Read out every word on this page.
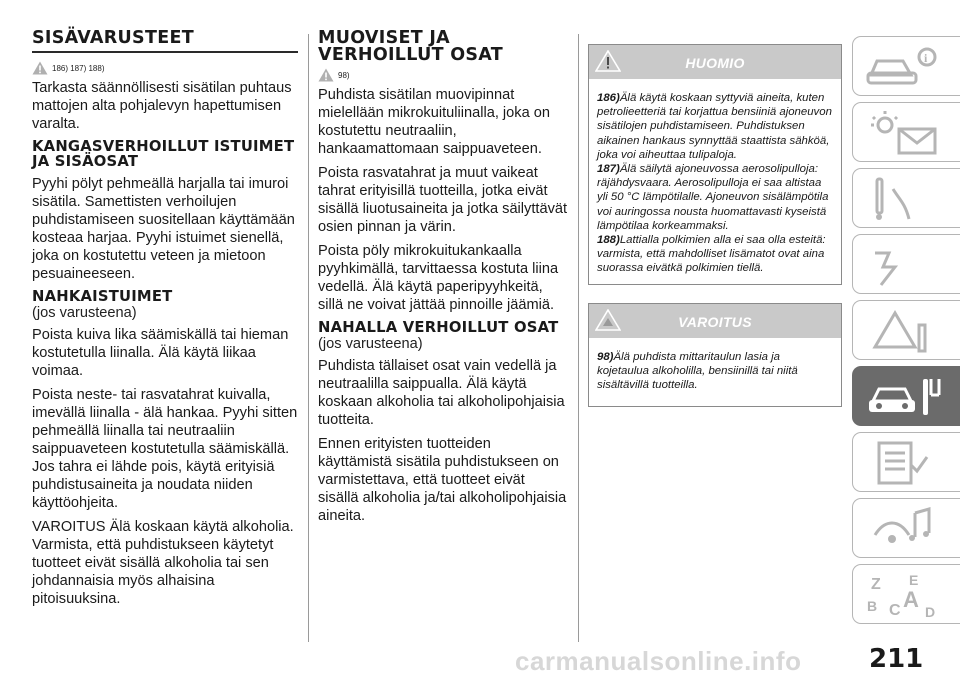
SISÄVARUSTEET
186) 187) 188)

Tarkasta säännöllisesti sisätilan puhtaus mattojen alta pohjalevyn hapettumisen varalta.

KANGASVERHOILLUT ISTUIMET JA SISÄOSAT

Pyyhi pölyt pehmeällä harjalla tai imuroi sisätila. Samettisten verhoilujen puhdistamiseen suositellaan käyttämään kosteaa harjaa. Pyyhi istuimet sienellä, joka on kostutettu veteen ja mietoon pesuaineeseen.

NAHKAISTUIMET

(jos varusteena)

Poista kuiva lika säämiskällä tai hieman kostutetulla liinalla. Älä käytä liikaa voimaa.

Poista neste- tai rasvatahrat kuivalla, imevällä liinalla - älä hankaa. Pyyhi sitten pehmeällä liinalla tai neutraaliin saippuaveteen kostutetulla säämiskällä. Jos tahra ei lähde pois, käytä erityisiä puhdistusaineita ja noudata niiden käyttöohjeita.

VAROITUS Älä koskaan käytä alkoholia. Varmista, että puhdistukseen käytetyt tuotteet eivät sisällä alkoholia tai sen johdannaisia myös alhaisina pitoisuuksina.

MUOVISET JA VERHOILLUT OSAT
98)

Puhdista sisätilan muovipinnat mielellään mikrokuituliinalla, joka on kostutettu neutraaliin, hankaamattomaan saippuaveteen.

Poista rasvatahrat ja muut vaikeat tahrat erityisillä tuotteilla, jotka eivät sisällä liuotusaineita ja jotka säilyttävät osien pinnan ja värin.

Poista pöly mikrokuitukankaalla pyyhkimällä, tarvittaessa kostuta liina vedellä. Älä käytä paperipyyhkeitä, sillä ne voivat jättää pinnoille jäämiä.

NAHALLA VERHOILLUT OSAT

(jos varusteena)

Puhdista tällaiset osat vain vedellä ja neutraalilla saippualla. Älä käytä koskaan alkoholia tai alkoholipohjaisia tuotteita.

Ennen erityisten tuotteiden käyttämistä sisätila puhdistukseen on varmistettava, että tuotteet eivät sisällä alkoholia ja/tai alkoholipohjaisia aineita.

HUOMIO
186)Älä käytä koskaan syttyviä aineita, kuten petrolieetteriä tai korjattua bensiiniä ajoneuvon sisätilojen puhdistamiseen. Puhdistuksen aikainen hankaus synnyttää staattista sähköä, joka voi aiheuttaa tulipaloja.
187)Älä säilytä ajoneuvossa aerosolipulloja: räjähdysvaara. Aerosolipulloja ei saa altistaa yli 50 °C lämpötilalle. Ajoneuvon sisälämpötila voi auringossa nousta huomattavasti kyseistä lämpötilaa korkeammaksi.
188)Lattialla polkimien alla ei saa olla esteitä: varmista, että mahdolliset lisämatot ovat aina suorassa eivätkä polkimien tiellä.
VAROITUS
98)Älä puhdista mittaritaulun lasia ja kojetaulua alkoholilla, bensiinillä tai niitä sisältävillä tuotteilla.
i
Z E
B C A D
carmanualsonline.info	211
